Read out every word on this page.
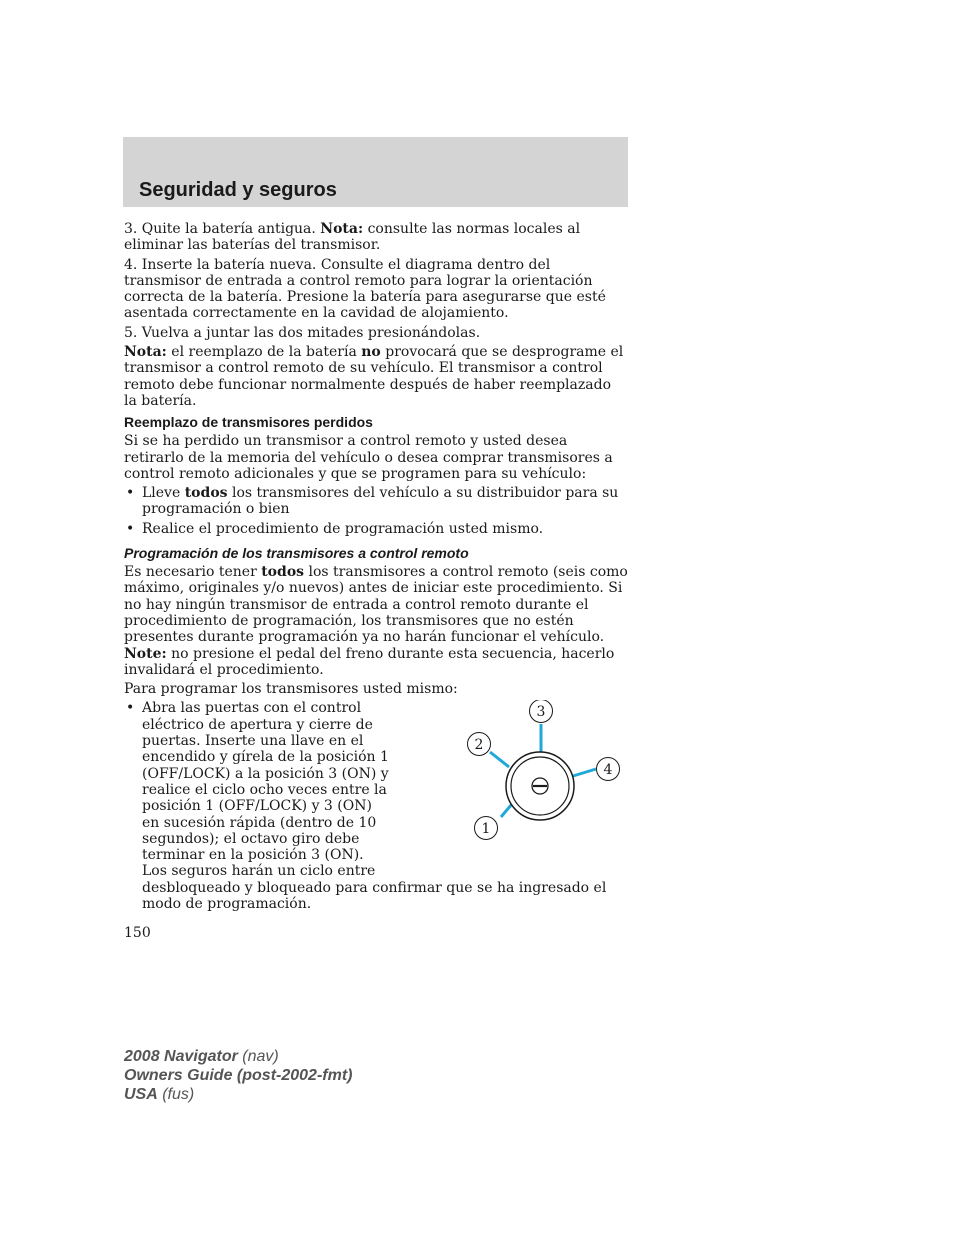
Seguridad y seguros

3. Quite la batería antigua. Nota: consulte las normas locales al eliminar las baterías del transmisor.

4. Inserte la batería nueva. Consulte el diagrama dentro del transmisor de entrada a control remoto para lograr la orientación correcta de la batería. Presione la batería para asegurarse que esté asentada correctamente en la cavidad de alojamiento.

5. Vuelva a juntar las dos mitades presionándolas.

Nota: el reemplazo de la batería no provocará que se desprograme el transmisor a control remoto de su vehículo. El transmisor a control remoto debe funcionar normalmente después de haber reemplazado la batería.

Reemplazo de transmisores perdidos

Si se ha perdido un transmisor a control remoto y usted desea retirarlo de la memoria del vehículo o desea comprar transmisores a control remoto adicionales y que se programen para su vehículo:

• Lleve todos los transmisores del vehículo a su distribuidor para su programación o bien
• Realice el procedimiento de programación usted mismo.
Programación de los transmisores a control remoto

Es necesario tener todos los transmisores a control remoto (seis como máximo, originales y/o nuevos) antes de iniciar este procedimiento. Si no hay ningún transmisor de entrada a control remoto durante el procedimiento de programación, los transmisores que no estén presentes durante programación ya no harán funcionar el vehículo. Note: no presione el pedal del freno durante esta secuencia, hacerlo invalidará el procedimiento.

Para programar los transmisores usted mismo:

• 3
2
4
1
Abra las puertas con el control eléctrico de apertura y cierre de puertas. Inserte una llave en el encendido y gírela de la posición 1 (OFF/LOCK) a la posición 3 (ON) y realice el ciclo ocho veces entre la posición 1 (OFF/LOCK) y 3 (ON) en sucesión rápida (dentro de 10 segundos); el octavo giro debe terminar en la posición 3 (ON). Los seguros harán un ciclo entre desbloqueado y bloqueado para confirmar que se ha ingresado el modo de programación.
150
2008 Navigator (nav)
Owners Guide (post-2002-fmt)
USA (fus)
